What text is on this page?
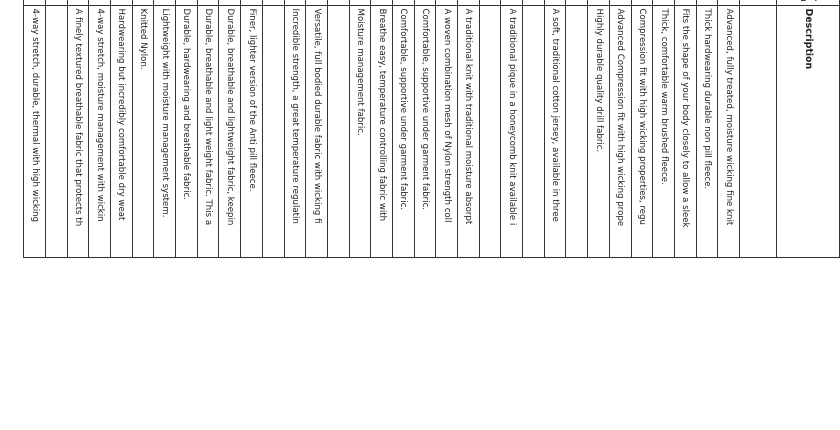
			Description

			Advanced, fully treated, moisture wicking fine knit
			Thick hardwearing durable non pill fleece.
			Fits the shape of your body closely to allow a sleek
			Thick, comfortable warm brushed fleece.
			Compression fit with high wicking properties, regu
			Advanced Compression fit with high wicking prope
			Highly durable quality drill fabric.

			A soft, traditional cotton jersey, available in three

			A traditional pique in a honeycomb knit available i

			A traditional knit with traditional moisture absorpt
			A woven combination mesh of Nylon strength coll
			Comfortable, supportive under garment fabric.
			Comfortable, supportive under garment fabric.
			Breathe easy, temperature controlling fabric with
			Moisture management fabric.

			Versatile, full bodied durable fabric with wicking fi
			Incredible strength, a great temperature regulatin

			Finer, lighter version of the Anti pill fleece.
			Durable, breathable and lightweight fabric, keepin
			Durable, breathable and light weight fabric. This a
			Durable, hardwearing and breathable fabric.
			Lightweight with moisture management system.
			Knitted Nylon.
			Hardwearing but incredibly comfortable dry weat
			4-way stretch, moisture management with wickin
			A finely textured breathable fabric that protects th

			4-way stretch, durable, thermal with high wicking
